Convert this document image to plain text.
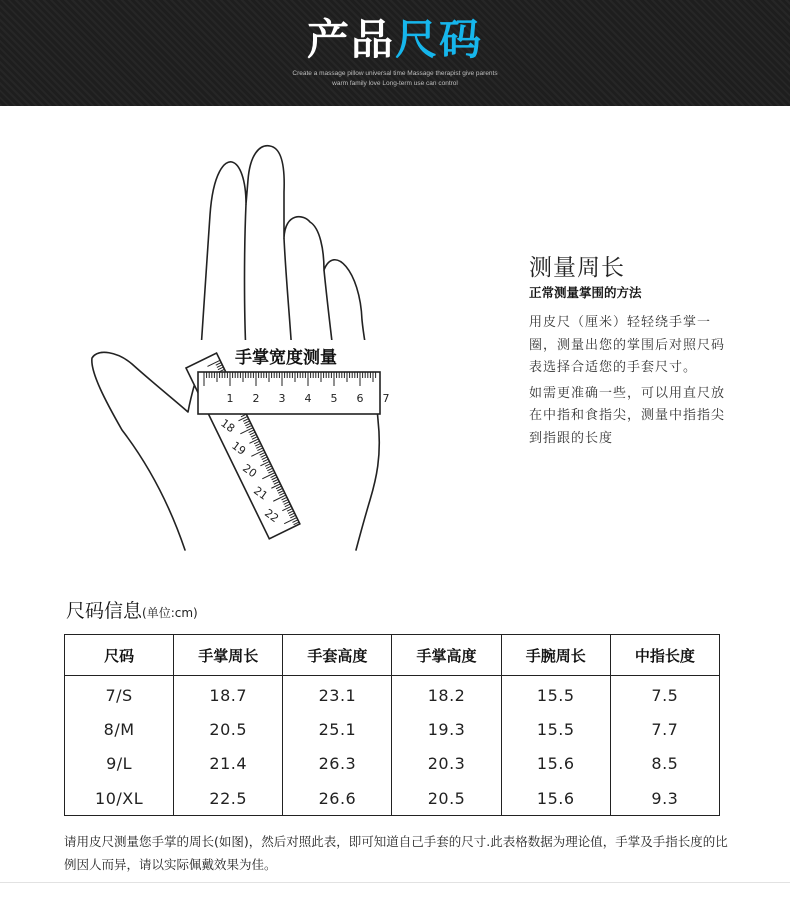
产品尺码
Create a massage pillow universal time Massage therapist give parents
warm family love Long-term use can control
手掌宽度测量
18
19
20
21
22
1 2 3 4 5 6 7
测量周长
正常测量掌围的方法
用皮尺（厘米）轻轻绕手掌一圈，测量出您的掌围后对照尺码表选择合适您的手套尺寸。
如需更准确一些，可以用直尺放在中指和食指尖，测量中指指尖到指跟的长度
尺码信息(单位:cm)
尺码	手掌周长	手套高度	手掌高度	手腕周长	中指长度
7/S	18.7	23.1	18.2	15.5	7.5
8/M	20.5	25.1	19.3	15.5	7.7
9/L	21.4	26.3	20.3	15.6	8.5
10/XL	22.5	26.6	20.5	15.6	9.3
请用皮尺测量您手掌的周长(如图)，然后对照此表，即可知道自己手套的尺寸.此表格数据为理论值，手掌及手指长度的比例因人而异，请以实际佩戴效果为佳。
